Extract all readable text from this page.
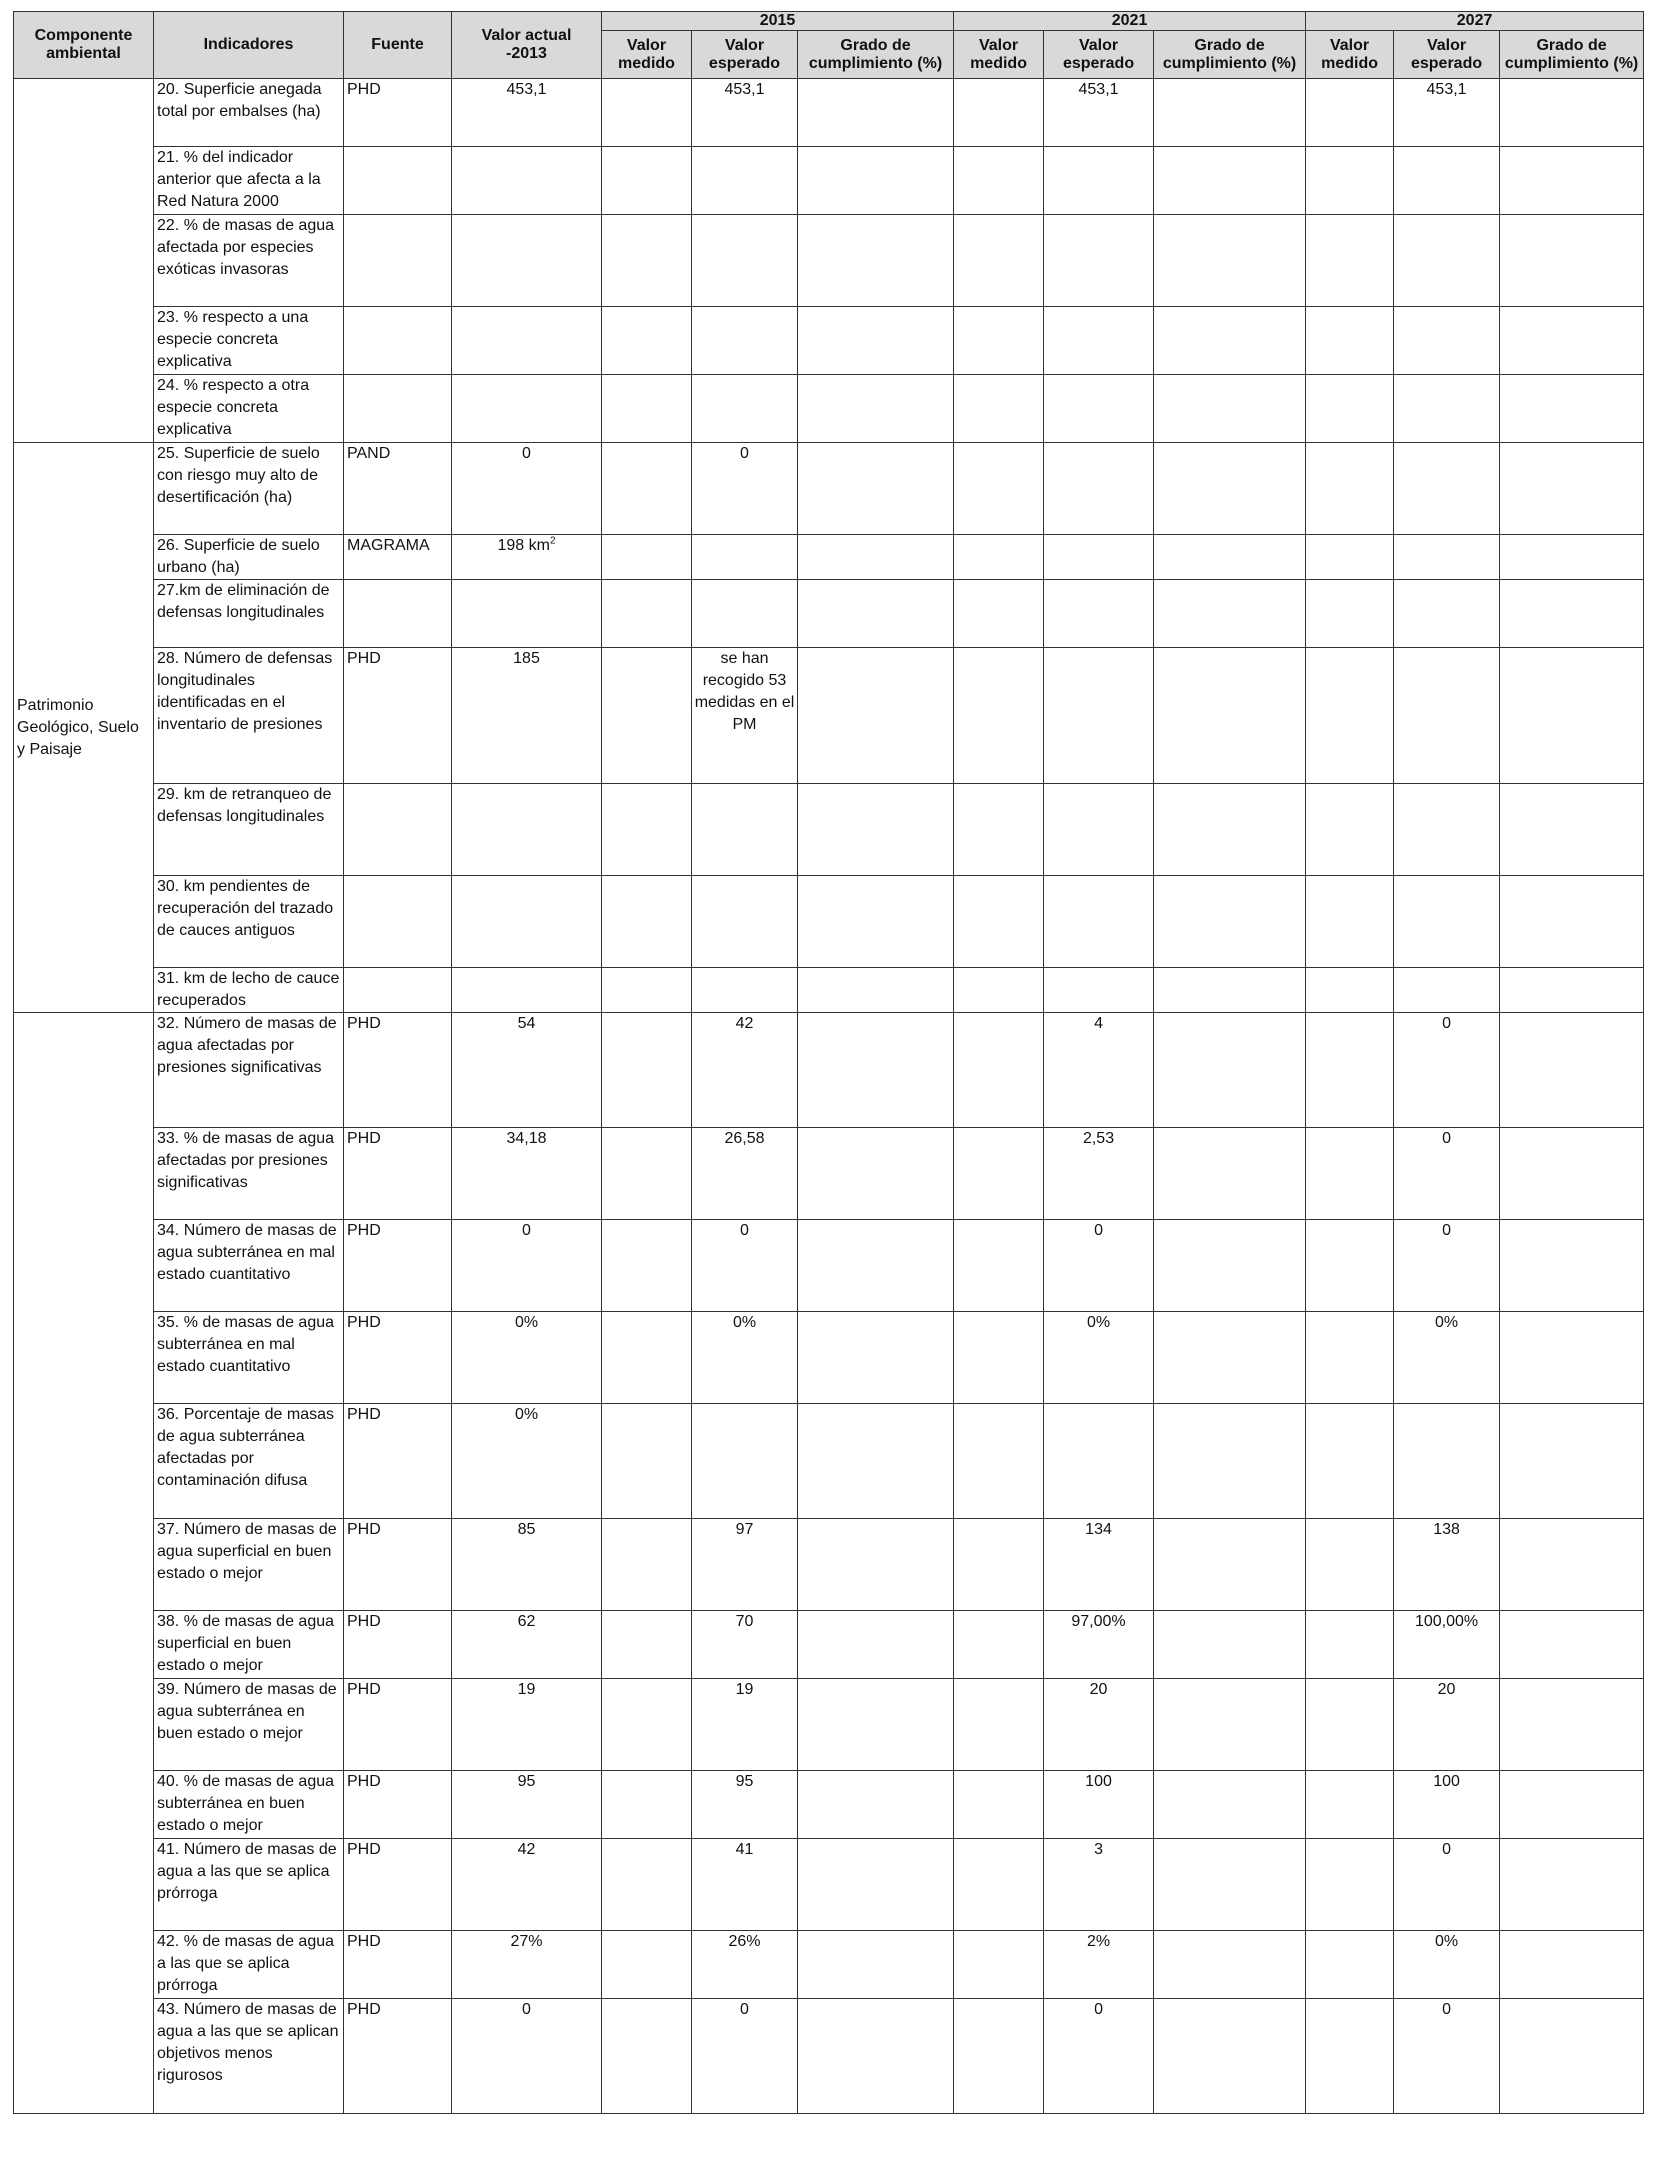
Componente ambiental	Indicadores	Fuente	Valor actual -2013	2015			2021			2027		
				Valor medido	Valor esperado	Grado de cumplimiento (%)	Valor medido	Valor esperado	Grado de cumplimiento (%)	Valor medido	Valor esperado	Grado de cumplimiento (%)
	20. Superficie anegada total por embalses (ha)	PHD	453,1		453,1			453,1			453,1	
	21. % del indicador anterior que afecta a la Red Natura 2000											
	22. % de masas de agua afectada por especies exóticas invasoras											
	23. % respecto a una especie concreta explicativa											
	24. % respecto a otra especie concreta explicativa											
Patrimonio Geológico, Suelo y Paisaje	25. Superficie de suelo con riesgo muy alto de desertificación (ha)	PAND	0		0							
	26. Superficie de suelo urbano (ha)	MAGRAMA	198 $km^2$									
	27.km de eliminación de defensas longitudinales											
	28. Número de defensas longitudinales identificadas en el inventario de presiones	PHD	185		se han recogido 53 medidas en el PM							
	29. km de retranqueo de defensas longitudinales											
	30. km pendientes de recuperación del trazado de cauces antiguos											
	31. km de lecho de cauce recuperados											
	32. Número de masas de agua afectadas por presiones significativas	PHD	54		42			4			0	
	33. % de masas de agua afectadas por presiones significativas	PHD	34,18		26,58			2,53			0	
	34. Número de masas de agua subterránea en mal estado cuantitativo	PHD	0		0			0			0	
	35. % de masas de agua subterránea en mal estado cuantitativo	PHD	0%		0%			0%			0%	
	36. Porcentaje de masas de agua subterránea afectadas por contaminación difusa	PHD	0%									
	37. Número de masas de agua superficial en buen estado o mejor	PHD	85		97			134			138	
	38. % de masas de agua superficial en buen estado o mejor	PHD	62		70			97,00%			100,00%	
	39. Número de masas de agua subterránea en buen estado o mejor	PHD	19		19			20			20	
	40. % de masas de agua subterránea en buen estado o mejor	PHD	95		95			100			100	
	41. Número de masas de agua a las que se aplica prórroga	PHD	42		41			3			0	
	42. % de masas de agua a las que se aplica prórroga	PHD	27%		26%			2%			0%	
	43. Número de masas de agua a las que se aplican objetivos menos rigurosos	PHD	0		0			0			0	
